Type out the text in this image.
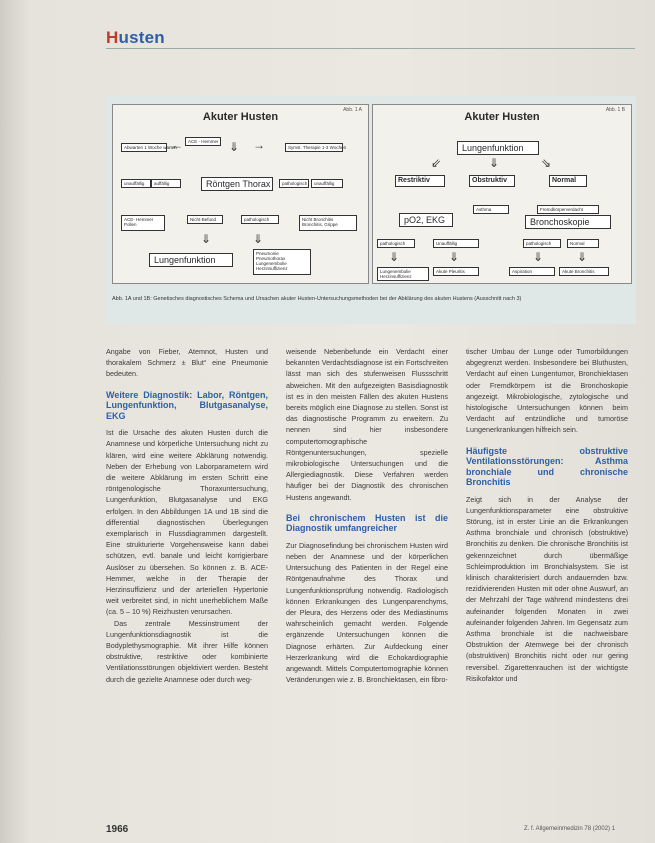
Husten
Akuter Husten
Abb. 1 A
Abwarten 1 Woche warten
←	ACE - Hemmer ⇓ →	Symst. Therapie 1-3 Wochen
unauffällig	auffällig	Röntgen Thorax	pathologisch	unauffällig
ACE- Hemmer Pollen
Nicht-Befund	pathologisch	Nicht Bronchitis Bronchitis, Grippe
⇓	⇓
Lungenfunktion
Pneumonie Pneumothorax Lungenembolie Herzinsuffizienz
Akuter Husten
Abb. 1 B
Lungenfunktion
⇙	⇓	⇘
Restriktiv	Obstruktiv	Normal
Asthma	Fremdkörperverdacht
pO2, EKG	Bronchoskopie
pathologisch	Unauffällig	pathologisch	Normal
⇓	⇓	⇓	⇓
Lungenembolie Herzinsuffizienz
Akute Pleuritis	Aspiration	Akute Bronchitis
Abb. 1A und 1B: Genetisches diagnostisches Schema und Ursachen akuter Husten-Untersuchungsmethoden bei der Abklärung des akuten Hustens (Ausschnitt nach 3)

Angabe von Fieber, Atemnot, Husten und thorakalem Schmerz ± Blut“ eine Pneumonie bedeuten.

Weitere Diagnostik: Labor, Röntgen, Lungenfunktion, Blutgasanalyse, EKG

Ist die Ursache des akuten Husten durch die Anamnese und körperliche Untersuchung nicht zu klären, wird eine weitere Abklärung notwendig. Neben der Erhebung von Laborparametern wird die weitere Abklärung im ersten Schritt eine röntgenologische Thoraxuntersuchung, Lungenfunktion, Blutgasanalyse und EKG erfolgen. In den Abbildungen 1A und 1B sind die differential diagnostischen Überlegungen exemplarisch in Flussdiagrammen dargestellt. Eine strukturierte Vorgehensweise kann dabei schützen, evtl. banale und leicht korrigierbare Auslöser zu übersehen. So können z. B. ACE-Hemmer, welche in der Therapie der Herzinsuffizienz und der arteriellen Hypertonie weit verbreitet sind, in nicht unerheblichem Maße (ca. 5 – 10 %) Reizhusten verursachen.

Das zentrale Messinstrument der Lungenfunktionsdiagnostik ist die Bodyplethysmographie. Mit ihrer Hilfe können obstruktive, restriktive oder kombinierte Ventilationsstörungen objektiviert werden. Besteht durch die gezielte Anamnese oder durch weg-

weisende Nebenbefunde ein Verdacht einer bekannten Verdachtsdiagnose ist ein Fortschreiten lässt man sich des stufenweisen Flussschritt abweichen. Mit den aufgezeigten Basisdiagnostik ist es in den meisten Fällen des akuten Hustens bereits möglich eine Diagnose zu stellen. Sonst ist das diagnostische Programm zu erweitern. Zu nennen sind hier insbesondere computertomographische Röntgenuntersuchungen, spezielle mikrobiologische Untersuchungen und die Allergiediagnostik. Diese Verfahren werden häufiger bei der Diagnostik des chronischen Hustens angewandt.

Bei chronischem Husten ist die Diagnostik umfangreicher

Zur Diagnosefindung bei chronischem Husten wird neben der Anamnese und der körperlichen Untersuchung des Patienten in der Regel eine Röntgenaufnahme des Thorax und Lungenfunktionsprüfung notwendig. Radiologisch können Erkrankungen des Lungenparenchyms, der Pleura, des Herzens oder des Mediastinums wahrscheinlich gemacht werden. Folgende ergänzende Untersuchungen können die Diagnose erhärten. Zur Aufdeckung einer Herzerkrankung wird die Echokardiographie angewandt. Mittels Computertomographie können Veränderungen wie z. B. Bronchiektasen, ein fibro-

tischer Umbau der Lunge oder Tumorbildungen abgegrenzt werden. Insbesondere bei Bluthusten, Verdacht auf einen Lungentumor, Bronchiektasen oder Fremdkörpern ist die Bronchoskopie angezeigt. Mikrobiologische, zytologische und histologische Untersuchungen können beim Verdacht auf entzündliche und tumoröse Lungenerkrankungen hilfreich sein.

Häufigste obstruktive Ventilationsstörungen: Asthma bronchiale und chronische Bronchitis

Zeigt sich in der Analyse der Lungenfunktionsparameter eine obstruktive Störung, ist in erster Linie an die Erkrankungen Asthma bronchiale und chronisch (obstruktive) Bronchitis zu denken. Die chronische Bronchitis ist gekennzeichnet durch übermäßige Schleimproduktion im Bronchialsystem. Sie ist klinisch charakterisiert durch andauernden bzw. rezidivierenden Husten mit oder ohne Auswurf, an der Mehrzahl der Tage während mindestens drei aufeinander folgenden Monaten in zwei aufeinander folgenden Jahren. Im Gegensatz zum Asthma bronchiale ist die nachweisbare Obstruktion der Atemwege bei der chronisch (obstruktiven) Bronchitis nicht oder nur gering reversibel. Zigarettenrauchen ist der wichtigste Risikofaktor und

1966	Z. f. Allgemeinmedizin 78 (2002) 1
